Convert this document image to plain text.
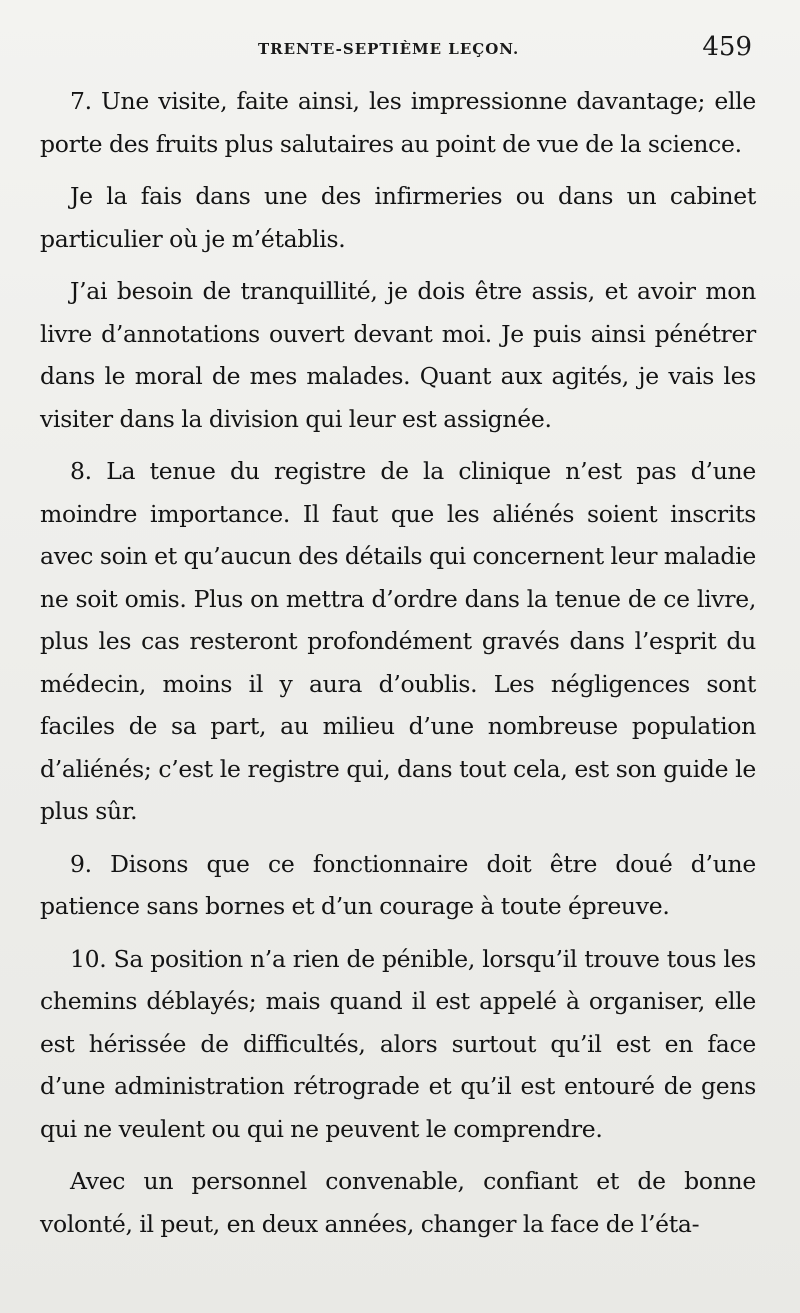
TRENTE-SEPTIÈME LEÇON.	459

7. Une visite, faite ainsi, les impressionne davantage; elle porte des fruits plus salutaires au point de vue de la science.

Je la fais dans une des infirmeries ou dans un cabinet particulier où je m’établis.

J’ai besoin de tranquillité, je dois être assis, et avoir mon livre d’annotations ouvert devant moi. Je puis ainsi pénétrer dans le moral de mes malades. Quant aux agités, je vais les visiter dans la division qui leur est assignée.

8. La tenue du registre de la clinique n’est pas d’une moindre importance. Il faut que les aliénés soient inscrits avec soin et qu’aucun des détails qui concernent leur maladie ne soit omis. Plus on mettra d’ordre dans la tenue de ce livre, plus les cas resteront profondément gravés dans l’esprit du médecin, moins il y aura d’oublis. Les négligences sont faciles de sa part, au milieu d’une nombreuse population d’aliénés; c’est le registre qui, dans tout cela, est son guide le plus sûr.

9. Disons que ce fonctionnaire doit être doué d’une patience sans bornes et d’un courage à toute épreuve.

10. Sa position n’a rien de pénible, lorsqu’il trouve tous les chemins déblayés; mais quand il est appelé à organiser, elle est hérissée de difficultés, alors surtout qu’il est en face d’une administration rétrograde et qu’il est entouré de gens qui ne veulent ou qui ne peuvent le comprendre.

Avec un personnel convenable, confiant et de bonne volonté, il peut, en deux années, changer la face de l’éta-
